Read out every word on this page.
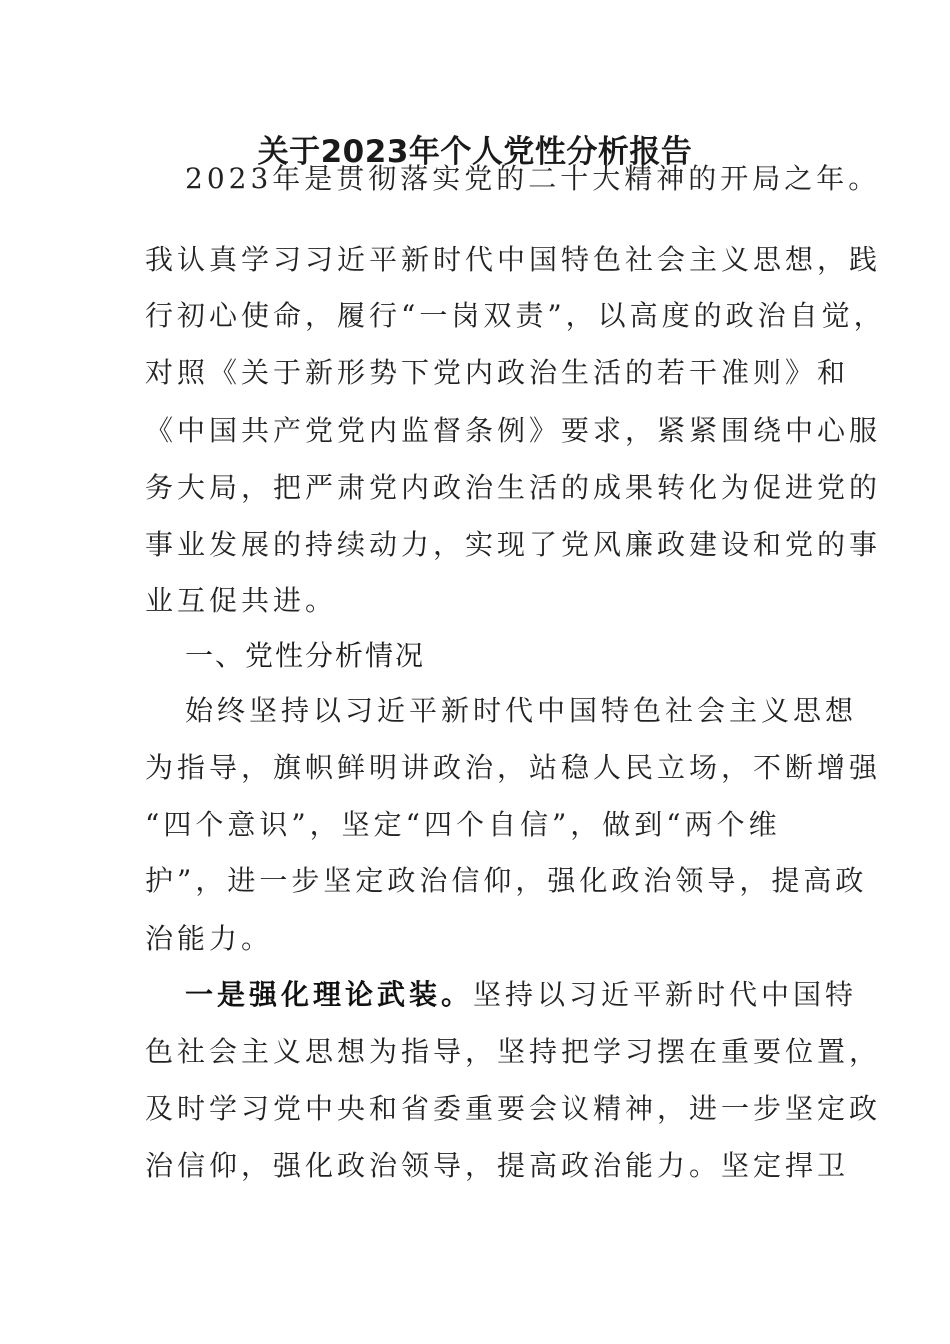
关于2023年个人党性分析报告
2023年是贯彻落实党的二十大精神的开局之年。
我认真学习习近平新时代中国特色社会主义思想，践
行初心使命，履行“一岗双责”，以高度的政治自觉，
对照《关于新形势下党内政治生活的若干准则》和
《中国共产党党内监督条例》要求，紧紧围绕中心服
务大局，把严肃党内政治生活的成果转化为促进党的
事业发展的持续动力，实现了党风廉政建设和党的事
业互促共进。
一、党性分析情况
始终坚持以习近平新时代中国特色社会主义思想
为指导，旗帜鲜明讲政治，站稳人民立场，不断增强
“四个意识”，坚定“四个自信”，做到“两个维
护”，进一步坚定政治信仰，强化政治领导，提高政
治能力。
一是强化理论武装。坚持以习近平新时代中国特
色社会主义思想为指导，坚持把学习摆在重要位置，
及时学习党中央和省委重要会议精神，进一步坚定政
治信仰，强化政治领导，提高政治能力。坚定捍卫
